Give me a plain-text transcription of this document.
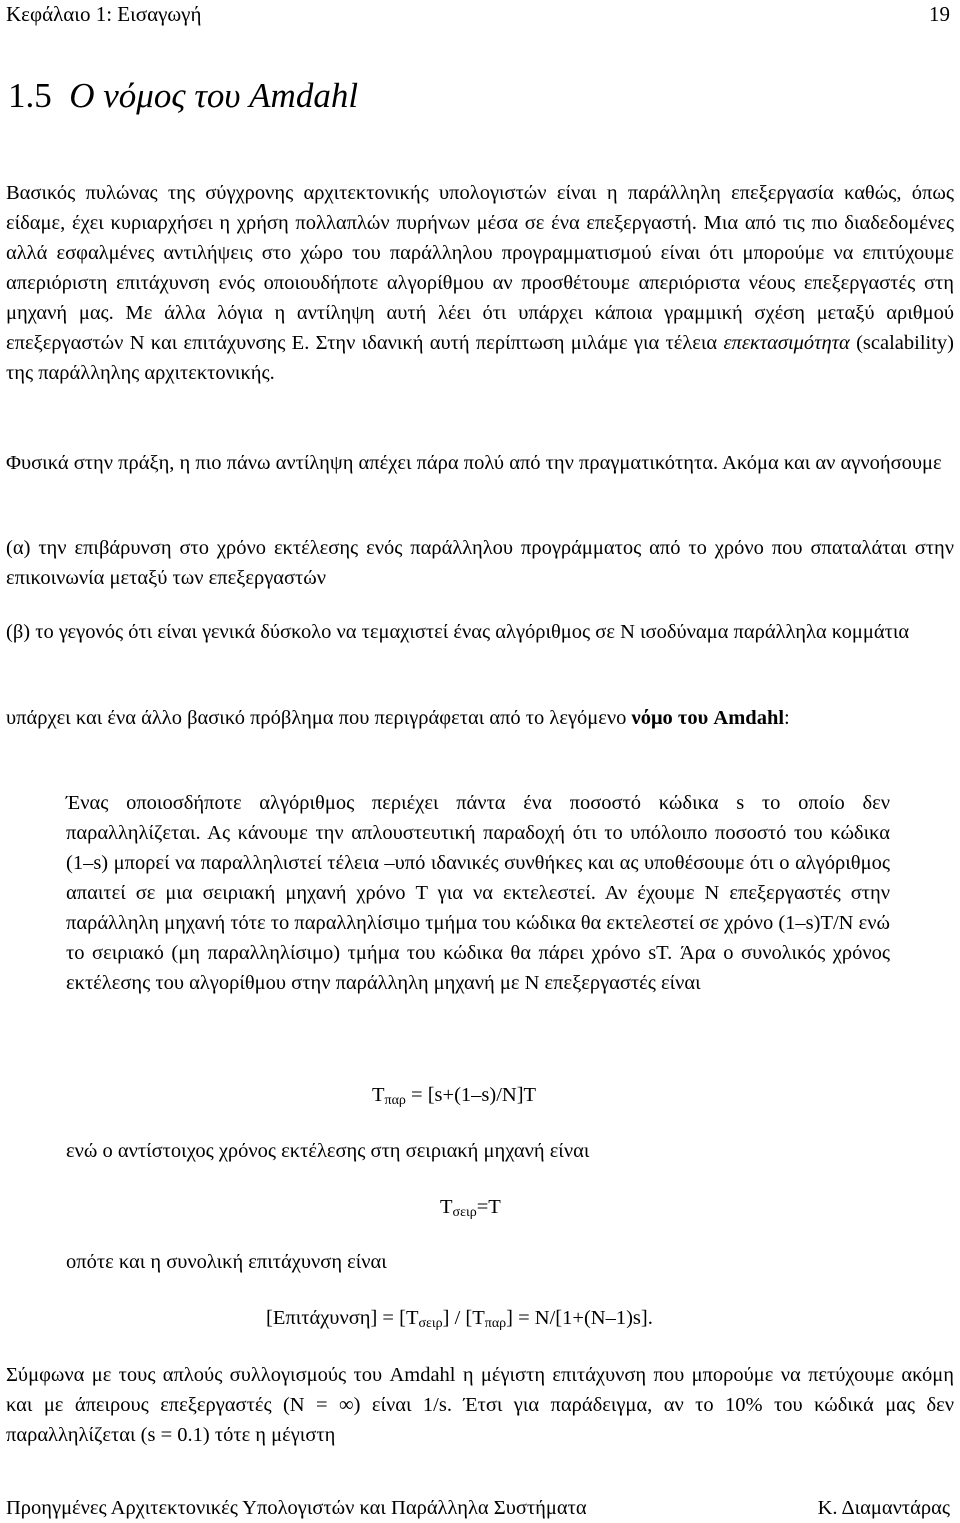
Κεφάλαιο 1: Εισαγωγή	19
1.5 Ο νόμος του Amdahl

Βασικός πυλώνας της σύγχρονης αρχιτεκτονικής υπολογιστών είναι η παράλληλη επεξεργασία καθώς, όπως είδαμε, έχει κυριαρχήσει η χρήση πολλαπλών πυρήνων μέσα σε ένα επεξεργαστή. Μια από τις πιο διαδεδομένες αλλά εσφαλμένες αντιλήψεις στο χώρο του παράλληλου προγραμματισμού είναι ότι μπορούμε να επιτύχουμε απεριόριστη επιτάχυνση ενός οποιουδήποτε αλγορίθμου αν προσθέτουμε απεριόριστα νέους επεξεργαστές στη μηχανή μας. Με άλλα λόγια η αντίληψη αυτή λέει ότι υπάρχει κάποια γραμμική σχέση μεταξύ αριθμού επεξεργαστών Ν και επιτάχυνσης Ε. Στην ιδανική αυτή περίπτωση μιλάμε για τέλεια επεκτασιμότητα (scalability) της παράλληλης αρχιτεκτονικής.

Φυσικά στην πράξη, η πιο πάνω αντίληψη απέχει πάρα πολύ από την πραγματικότητα. Ακόμα και αν αγνοήσουμε

(α) την επιβάρυνση στο χρόνο εκτέλεσης ενός παράλληλου προγράμματος από το χρόνο που σπαταλάται στην επικοινωνία μεταξύ των επεξεργαστών

(β) το γεγονός ότι είναι γενικά δύσκολο να τεμαχιστεί ένας αλγόριθμος σε Ν ισοδύναμα παράλληλα κομμάτια

υπάρχει και ένα άλλο βασικό πρόβλημα που περιγράφεται από το λεγόμενο νόμο του Amdahl:

Ένας οποιοσδήποτε αλγόριθμος περιέχει πάντα ένα ποσοστό κώδικα s το οποίο δεν παραλληλίζεται. Ας κάνουμε την απλουστευτική παραδοχή ότι το υπόλοιπο ποσοστό του κώδικα (1–s) μπορεί να παραλληλιστεί τέλεια –υπό ιδανικές συνθήκες και ας υποθέσουμε ότι ο αλγόριθμος απαιτεί σε μια σειριακή μηχανή χρόνο T για να εκτελεστεί. Αν έχουμε Ν επεξεργαστές στην παράλληλη μηχανή τότε το παραλληλίσιμο τμήμα του κώδικα θα εκτελεστεί σε χρόνο (1–s)T/N ενώ το σειριακό (μη παραλληλίσιμο) τμήμα του κώδικα θα πάρει χρόνο sT. Άρα ο συνολικός χρόνος εκτέλεσης του αλγορίθμου στην παράλληλη μηχανή με Ν επεξεργαστές είναι

$T_{\pi\alpha\rho} = [s+(1-s)/N]T$
ενώ ο αντίστοιχος χρόνος εκτέλεσης στη σειριακή μηχανή είναι
$T_{\sigma\varepsilon\iota\rho}=T$
οπότε και η συνολική επιτάχυνση είναι
$[E\pi\iota\tau ά\chi\upsilon\nu\sigma\eta] = [T_{\sigma\varepsilon\iota\rho}] / [T_{\pi\alpha\rho}] = N/[1+(N-1)s]$.

Σύμφωνα με τους απλούς συλλογισμούς του Amdahl η μέγιστη επιτάχυνση που μπορούμε να πετύχουμε ακόμη και με άπειρους επεξεργαστές (Ν = ∞) είναι 1/s. Έτσι για παράδειγμα, αν το 10% του κώδικά μας δεν παραλληλίζεται (s = 0.1) τότε η μέγιστη

Προηγμένες Αρχιτεκτονικές Υπολογιστών και Παράλληλα Συστήματα	Κ. Διαμαντάρας
